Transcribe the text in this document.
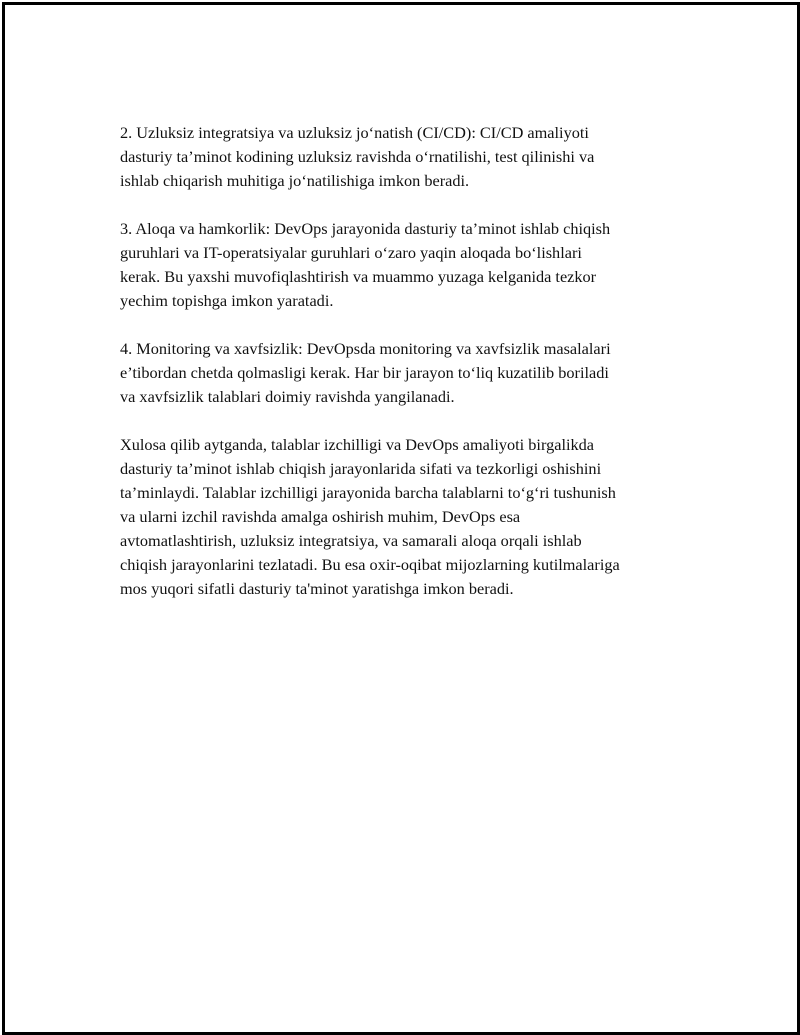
2. Uzluksiz integratsiya va uzluksiz jo‘natish (CI/CD): CI/CD amaliyoti
dasturiy ta’minot kodining uzluksiz ravishda o‘rnatilishi, test qilinishi va
ishlab chiqarish muhitiga jo‘natilishiga imkon beradi.

3. Aloqa va hamkorlik: DevOps jarayonida dasturiy ta’minot ishlab chiqish
guruhlari va IT-operatsiyalar guruhlari o‘zaro yaqin aloqada bo‘lishlari
kerak. Bu yaxshi muvofiqlashtirish va muammo yuzaga kelganida tezkor
yechim topishga imkon yaratadi.

4. Monitoring va xavfsizlik: DevOpsda monitoring va xavfsizlik masalalari
e’tibordan chetda qolmasligi kerak. Har bir jarayon to‘liq kuzatilib boriladi
va xavfsizlik talablari doimiy ravishda yangilanadi.

Xulosa qilib aytganda, talablar izchilligi va DevOps amaliyoti birgalikda
dasturiy ta’minot ishlab chiqish jarayonlarida sifati va tezkorligi oshishini
ta’minlaydi. Talablar izchilligi jarayonida barcha talablarni to‘g‘ri tushunish
va ularni izchil ravishda amalga oshirish muhim, DevOps esa
avtomatlashtirish, uzluksiz integratsiya, va samarali aloqa orqali ishlab
chiqish jarayonlarini tezlatadi. Bu esa oxir-oqibat mijozlarning kutilmalariga
mos yuqori sifatli dasturiy ta'minot yaratishga imkon beradi.
